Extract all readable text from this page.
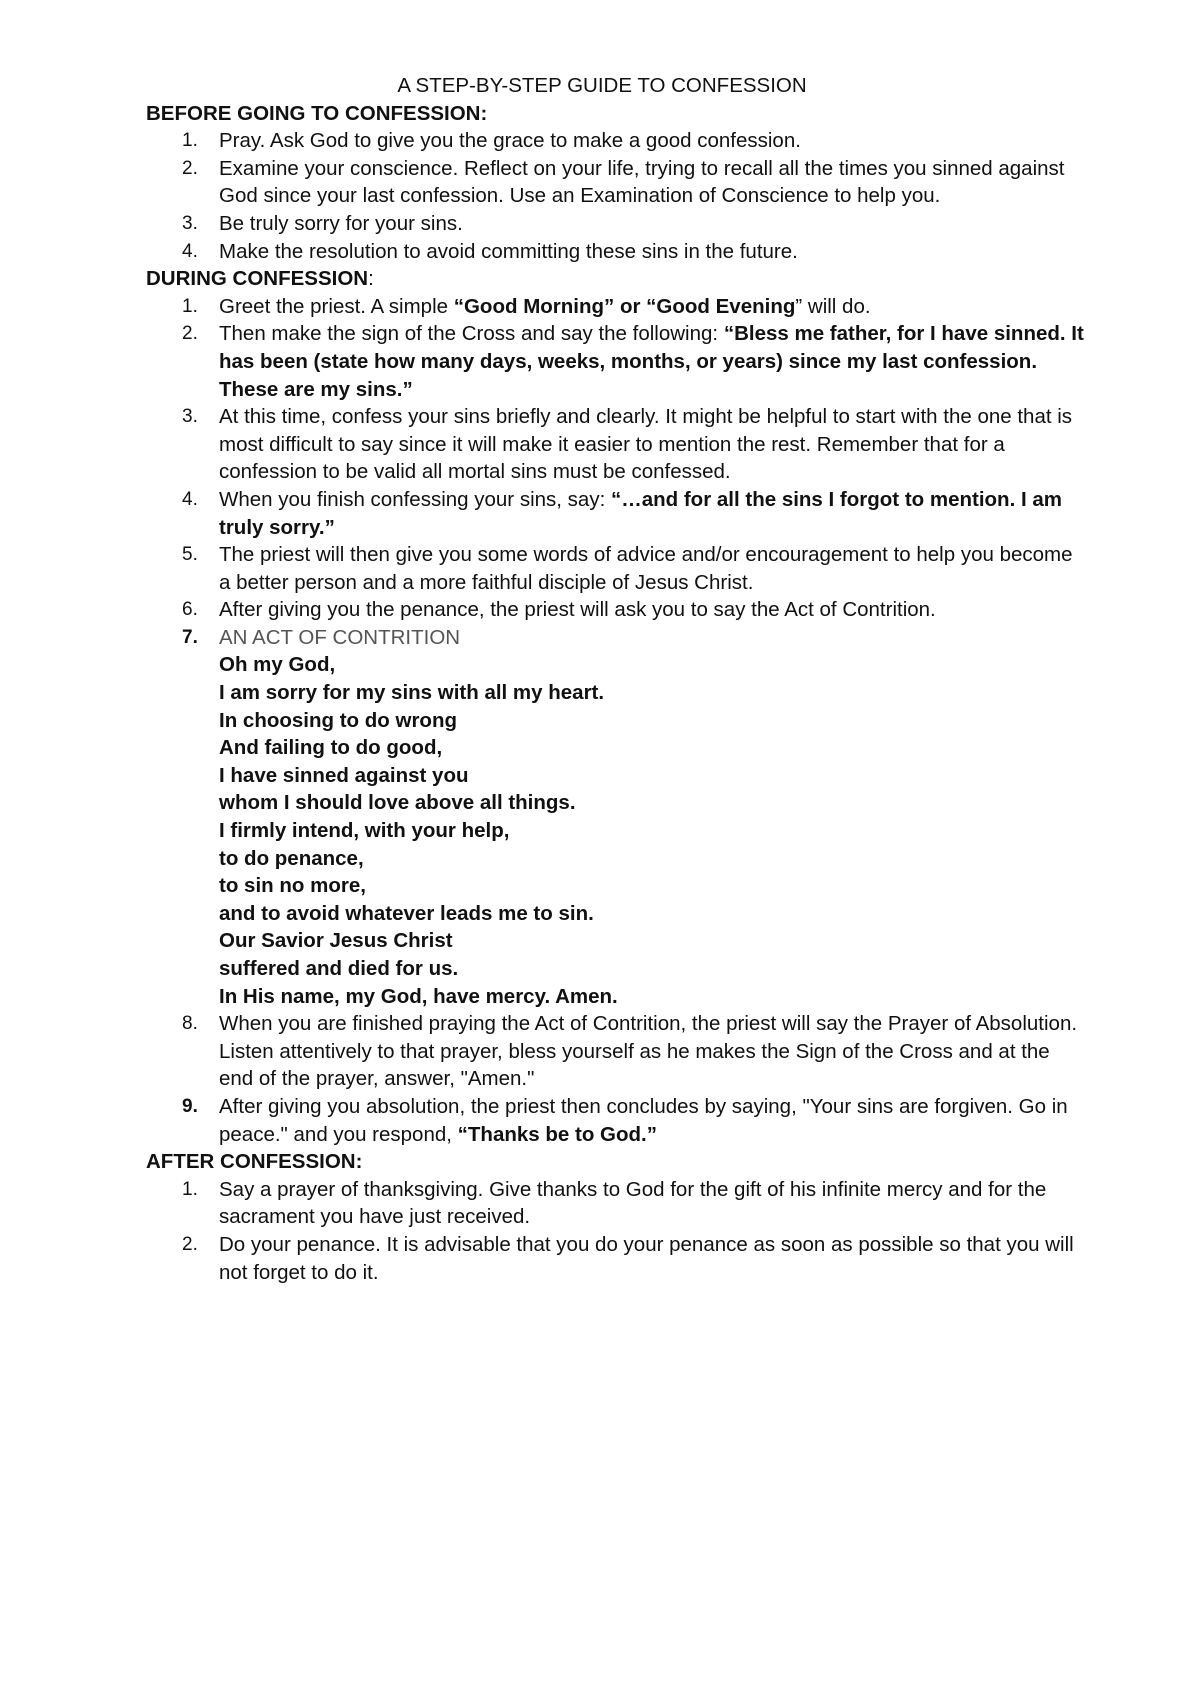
A STEP-BY-STEP GUIDE TO CONFESSION

BEFORE GOING TO CONFESSION:

1. Pray. Ask God to give you the grace to make a good confession.
2. Examine your conscience. Reflect on your life, trying to recall all the times you sinned against God since your last confession. Use an Examination of Conscience to help you.
3. Be truly sorry for your sins.
4. Make the resolution to avoid committing these sins in the future.

DURING CONFESSION:

1. Greet the priest. A simple “Good Morning” or “Good Evening” will do.
2. Then make the sign of the Cross and say the following: “Bless me father, for I have sinned. It has been (state how many days, weeks, months, or years) since my last confession. These are my sins.”
3. At this time, confess your sins briefly and clearly. It might be helpful to start with the one that is most difficult to say since it will make it easier to mention the rest. Remember that for a confession to be valid all mortal sins must be confessed.
4. When you finish confessing your sins, say: “…and for all the sins I forgot to mention. I am truly sorry.”
5. The priest will then give you some words of advice and/or encouragement to help you become a better person and a more faithful disciple of Jesus Christ.
6. After giving you the penance, the priest will ask you to say the Act of Contrition.
7. AN ACT OF CONTRITION
Oh my God,
I am sorry for my sins with all my heart.
In choosing to do wrong
And failing to do good,
I have sinned against you
whom I should love above all things.
I firmly intend, with your help,
to do penance,
to sin no more,
and to avoid whatever leads me to sin.
Our Savior Jesus Christ
suffered and died for us.
In His name, my God, have mercy. Amen.
8. When you are finished praying the Act of Contrition, the priest will say the Prayer of Absolution. Listen attentively to that prayer, bless yourself as he makes the Sign of the Cross and at the end of the prayer, answer, "Amen."
9. After giving you absolution, the priest then concludes by saying, "Your sins are forgiven. Go in peace." and you respond, “Thanks be to God.”

AFTER CONFESSION:

1. Say a prayer of thanksgiving. Give thanks to God for the gift of his infinite mercy and for the sacrament you have just received.
2. Do your penance. It is advisable that you do your penance as soon as possible so that you will not forget to do it.
